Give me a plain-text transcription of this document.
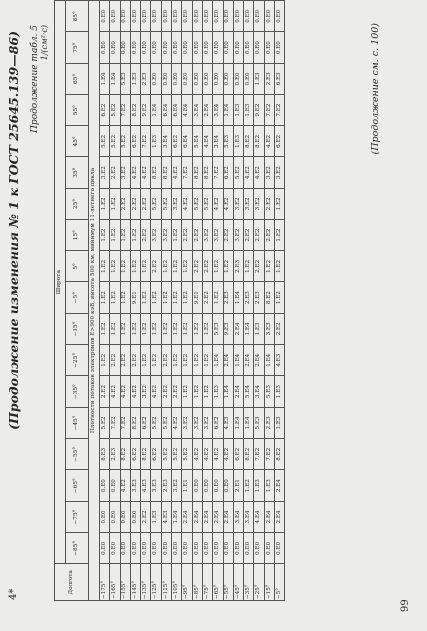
(Продолжение изменения № 1 к ГОСТ 25645.139—86) Продолжение табл. 5 1/(см²·с)
Долгота	Широта																	
	−85°	−75°	−65°	−55°	−45°	−35°	−25°	−15°	−5°	5°	15°	25°	35°	45°	55°	65°	75°	85°
Плотности потоков электронов E>900 кэВ, высота 500 км, минимум 11-летнего цикла																		
−175°	0.E0	0.E0	0.E0	8.E3	5.E2	2.E2	1.E2	1.E2	1.E2	1.E2	1.E2	1.E2	3.E2	5.E2	6.E2	1.E4	0.E0	0.E0
−165°	0.E0	0.E0	0.E0	2.E3	7.E2	4.E2	2.E2	1.E2	1.E2	1.E2	1.E2	1.E2	2.E2	5.E2	5.E2	1.E4	0.E0	0.E0
−155°	0.E0	0.E0	4.E2	8.E2	7.E2	4.E2	2.E2	1.E2	1.E2	1.E2	1.E2	2.E2	3.E2	5.E2	7.E2	5.E3	0.E0	0.E0
−145°	0.E0	0.E0	3.E3	6.E2	8.E2	4.E2	2.E2	1.E2	9.E1	1.E2	1.E2	2.E2	4.E2	6.E2	8.E2	1.E3	0.E0	0.E0
−135°	0.E0	2.E2	4.E3	8.E2	6.E2	3.E2	1.E2	1.E2	1.E2	1.E2	2.E2	2.E2	4.E2	7.E2	9.E2	2.E3	0.E0	0.E0
−125°	0.E0	1.E3	3.E3	6.E2	5.E2	4.E2	1.E2	1.E2	1.E2	2.E2	3.E2	5.E2	8.E2	1.E3	1.E4	0.E0	0.E0	0.E0
−115°	0.E0	4.E3	2.E3	5.E2	5.E2	2.E2	2.E2	1.E2	1.E2	1.E2	3.E2	5.E2	8.E2	3.E4	6.E4	0.E0	0.E0	0.E0
−105°	0.E0	1.E4	3.E2	5.E2	4.E2	2.E2	1.E2	1.E2	1.E2	1.E2	1.E2	3.E2	4.E2	6.E2	6.E4	0.E0	0.E0	0.E0
−95°	0.E0	2.E4	1.E1	5.E2	3.E2	1.E2	1.E2	1.E2	1.E2	1.E2	2.E2	4.E2	7.E2	6.E4	4.E4	0.E0	0.E0	0.E0
−85°	0.E0	2.E4	0.E0	4.E2	3.E2	1.E2	1.E2	1.E2	9.E1	2.E2	2.E2	5.E2	8.E2	5.E4	3.E4	0.E0	0.E0	0.E0
−75°	0.E0	2.E4	0.E0	4.E2	3.E2	1.E2	1.E2	1.E2	2.E2	2.E2	3.E2	5.E2	8.E2	4.E4	2.E4	0.E0	0.E0	0.E0
−65°	0.E0	2.E4	0.E0	4.E2	6.E2	1.E3	1.E4	5.E3	1.E2	1.E2	3.E2	4.E2	7.E2	3.E4	3.E4	0.E0	0.E0	0.E0
−55°	0.E0	2.E4	0.E0	4.E2	4.E3	1.E4	2.E4	9.E3	2.E3	1.E2	2.E2	4.E2	6.E2	5.E3	1.E4	0.E0	0.E0	0.E0
−45°	0.E0	3.E4	2.E1	6.E2	1.E4	2.E4	1.E4	2.E4	1.E4	2.E3	3.E2	3.E2	5.E2	1.E3	1.E3	0.E0	0.E0	0.E0
−35°	0.E0	3.E4	1.E2	8.E2	1.E4	5.E4	2.E4	1.E4	2.E3	1.E2	2.E2	3.E2	4.E2	8.E2	1.E3	0.E0	0.E0	0.E0
−25°	0.E0	4.E4	1.E3	7.E2	5.E3	3.E4	2.E4	1.E3	2.E3	2.E2	2.E2	3.E2	4.E2	8.E2	9.E2	1.E3	0.E0	0.E0
−15°	0.E0	2.E4	1.E3	7.E2	2.E3	5.E3	1.E4	3.E3	8.E2	1.E2	2.E2	2.E2	3.E2	4.E2	7.E2	2.E3	0.E0	0.E0
−5°	0.E0	2.E4	2.E4	8.E2	1.E3	1.E3	4.E3	2.E2	1.E2	1.E2	1.E2	1.E2	3.E2	6.E2	7.E2	6.E3	0.E0	0.E0
(Продолжение см. с. 100)
99
4*
